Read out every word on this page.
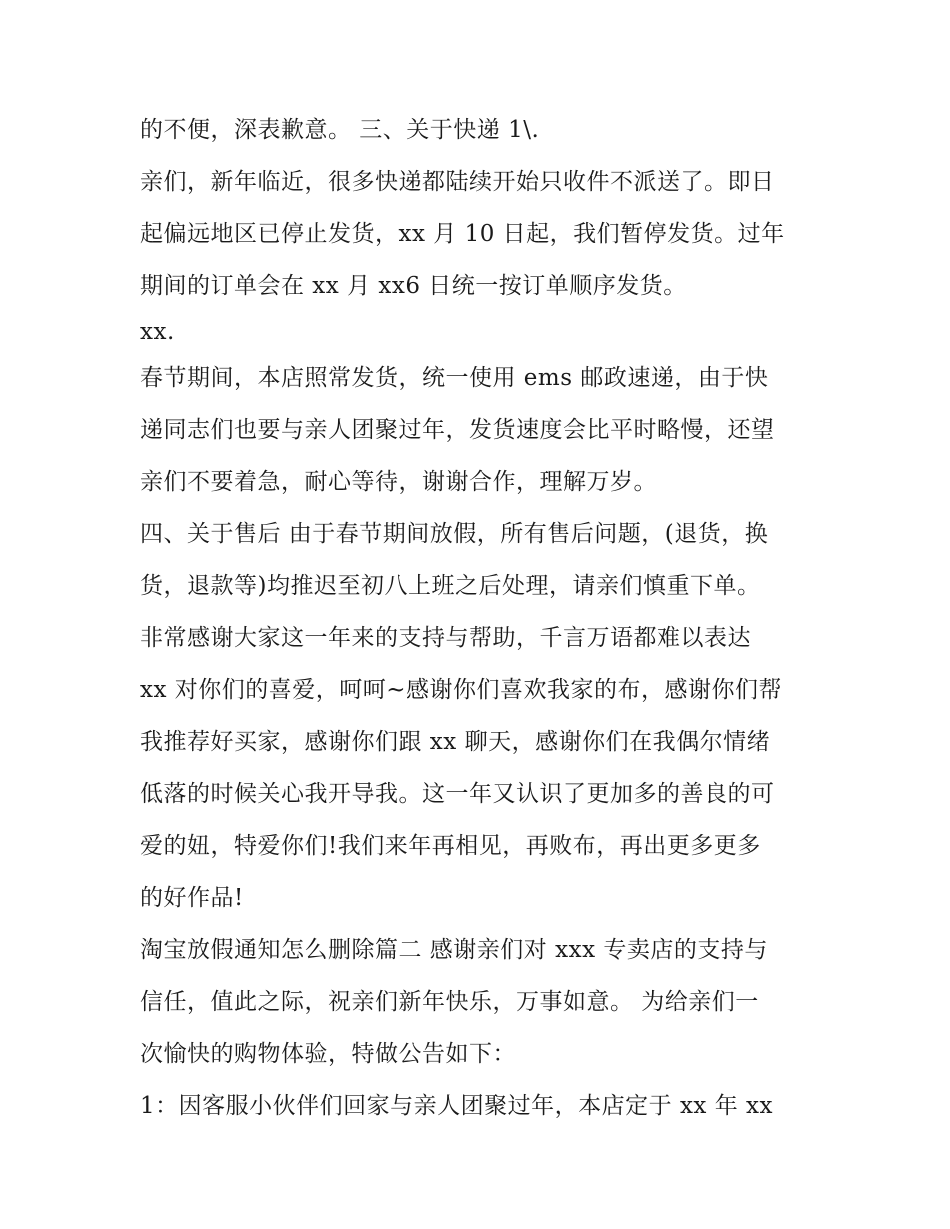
的不便，深表歉意。 三、关于快递 1\.
亲们，新年临近，很多快递都陆续开始只收件不派送了。即日
起偏远地区已停止发货，xx 月 10 日起，我们暂停发货。过年
期间的订单会在 xx 月 xx6 日统一按订单顺序发货。
xx.
春节期间，本店照常发货，统一使用 ems 邮政速递，由于快
递同志们也要与亲人团聚过年，发货速度会比平时略慢，还望
亲们不要着急，耐心等待，谢谢合作，理解万岁。
四、关于售后 由于春节期间放假，所有售后问题，(退货，换
货，退款等)均推迟至初八上班之后处理，请亲们慎重下单。
非常感谢大家这一年来的支持与帮助，千言万语都难以表达
xx 对你们的喜爱，呵呵~感谢你们喜欢我家的布，感谢你们帮
我推荐好买家，感谢你们跟 xx 聊天，感谢你们在我偶尔情绪
低落的时候关心我开导我。这一年又认识了更加多的善良的可
爱的妞，特爱你们!我们来年再相见，再败布，再出更多更多
的好作品!
淘宝放假通知怎么删除篇二 感谢亲们对 xxx 专卖店的支持与
信任，值此之际，祝亲们新年快乐，万事如意。 为给亲们一
次愉快的购物体验，特做公告如下：
1：因客服小伙伴们回家与亲人团聚过年，本店定于 xx 年 xx
